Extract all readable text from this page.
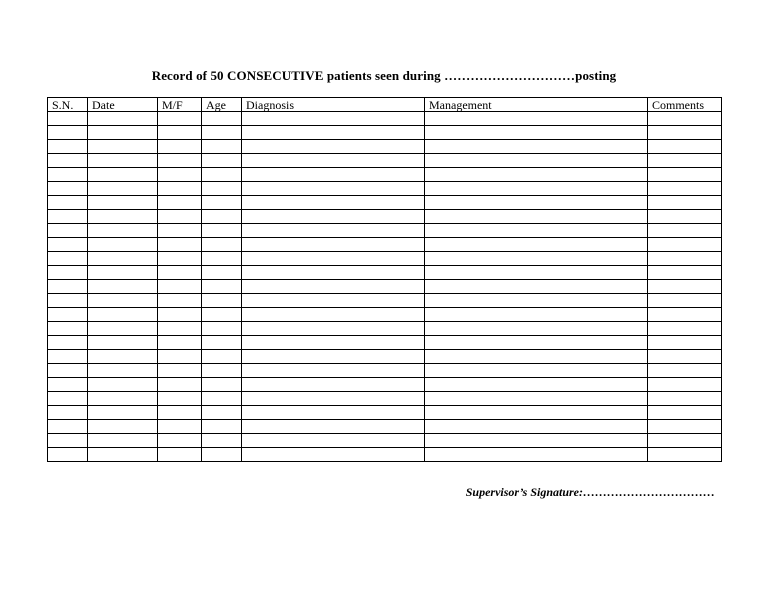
Record of 50 CONSECUTIVE patients seen during …………………………posting
S.N.	Date	M/F	Age	Diagnosis	Management	Comments

Supervisor’s Signature:……………………………
